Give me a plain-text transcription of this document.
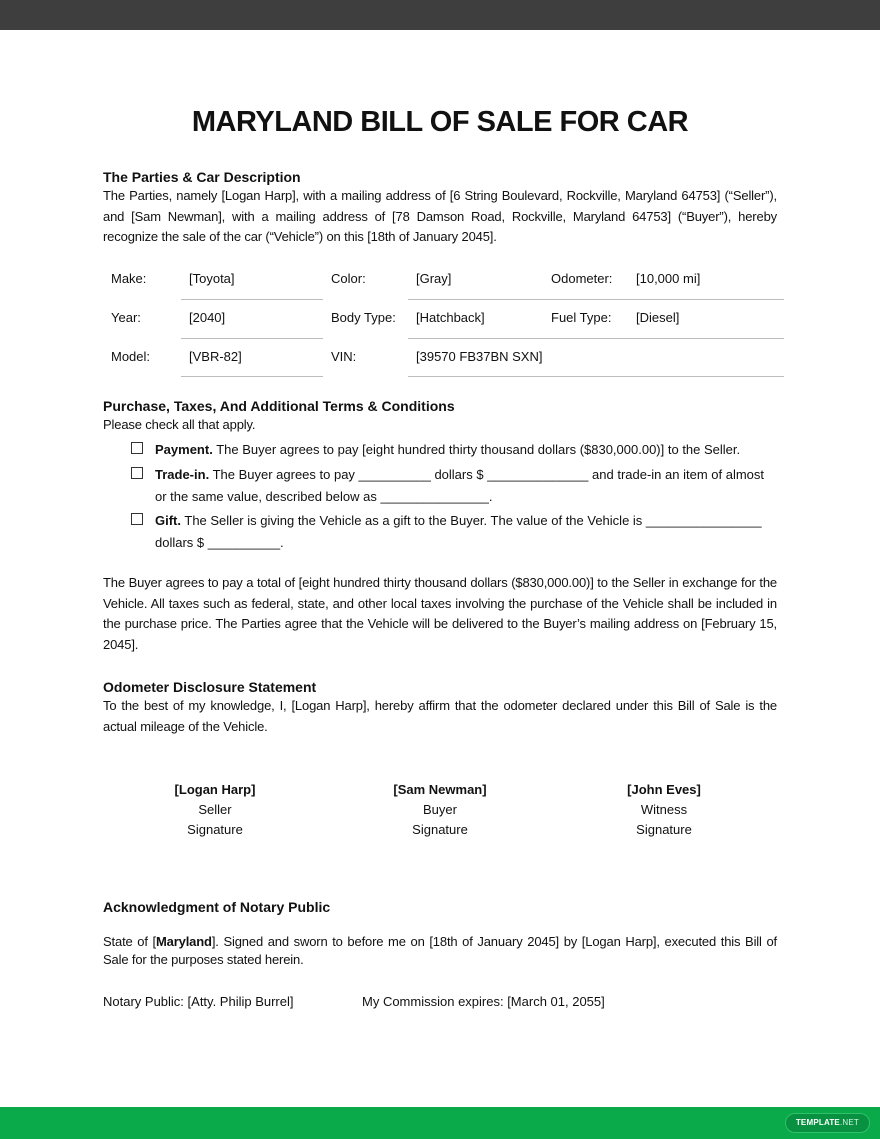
MARYLAND BILL OF SALE FOR CAR
The Parties & Car Description

The Parties, namely [Logan Harp], with a mailing address of [6 String Boulevard, Rockville, Maryland 64753] (“Seller”), and [Sam Newman], with a mailing address of [78 Damson Road, Rockville, Maryland 64753] (“Buyer”), hereby recognize the sale of the car (“Vehicle”) on this [18th of January 2045].

Make:	[Toyota]	Color:	[Gray]	Odometer: [10,000 mi]
Year:	[2040]	Body Type: [Hatchback]	Fuel Type: [Diesel]
Model:	[VBR-82]	VIN:	[39570 FB37BN SXN]
Purchase, Taxes, And Additional Terms & Conditions

Please check all that apply.

Payment. The Buyer agrees to pay [eight hundred thirty thousand dollars ($830,000.00)] to the Seller.
Trade-in. The Buyer agrees to pay __________ dollars $ ______________ and trade-in an item of almost or the same value, described below as _______________.
Gift. The Seller is giving the Vehicle as a gift to the Buyer. The value of the Vehicle is ________________ dollars $ __________.

The Buyer agrees to pay a total of [eight hundred thirty thousand dollars ($830,000.00)] to the Seller in exchange for the Vehicle. All taxes such as federal, state, and other local taxes involving the purchase of the Vehicle shall be included in the purchase price. The Parties agree that the Vehicle will be delivered to the Buyer’s mailing address on [February 15, 2045].

Odometer Disclosure Statement

To the best of my knowledge, I, [Logan Harp], hereby affirm that the odometer declared under this Bill of Sale is the actual mileage of the Vehicle.

[Logan Harp]
Seller
Signature
[Sam Newman]
Buyer
Signature
[John Eves]
Witness
Signature
Acknowledgment of Notary Public

State of [Maryland]. Signed and sworn to before me on [18th of January 2045] by [Logan Harp], executed this Bill of Sale for the purposes stated herein.

Notary Public: [Atty. Philip Burrel]	My Commission expires: [March 01, 2055]
TEMPLATE.NET
